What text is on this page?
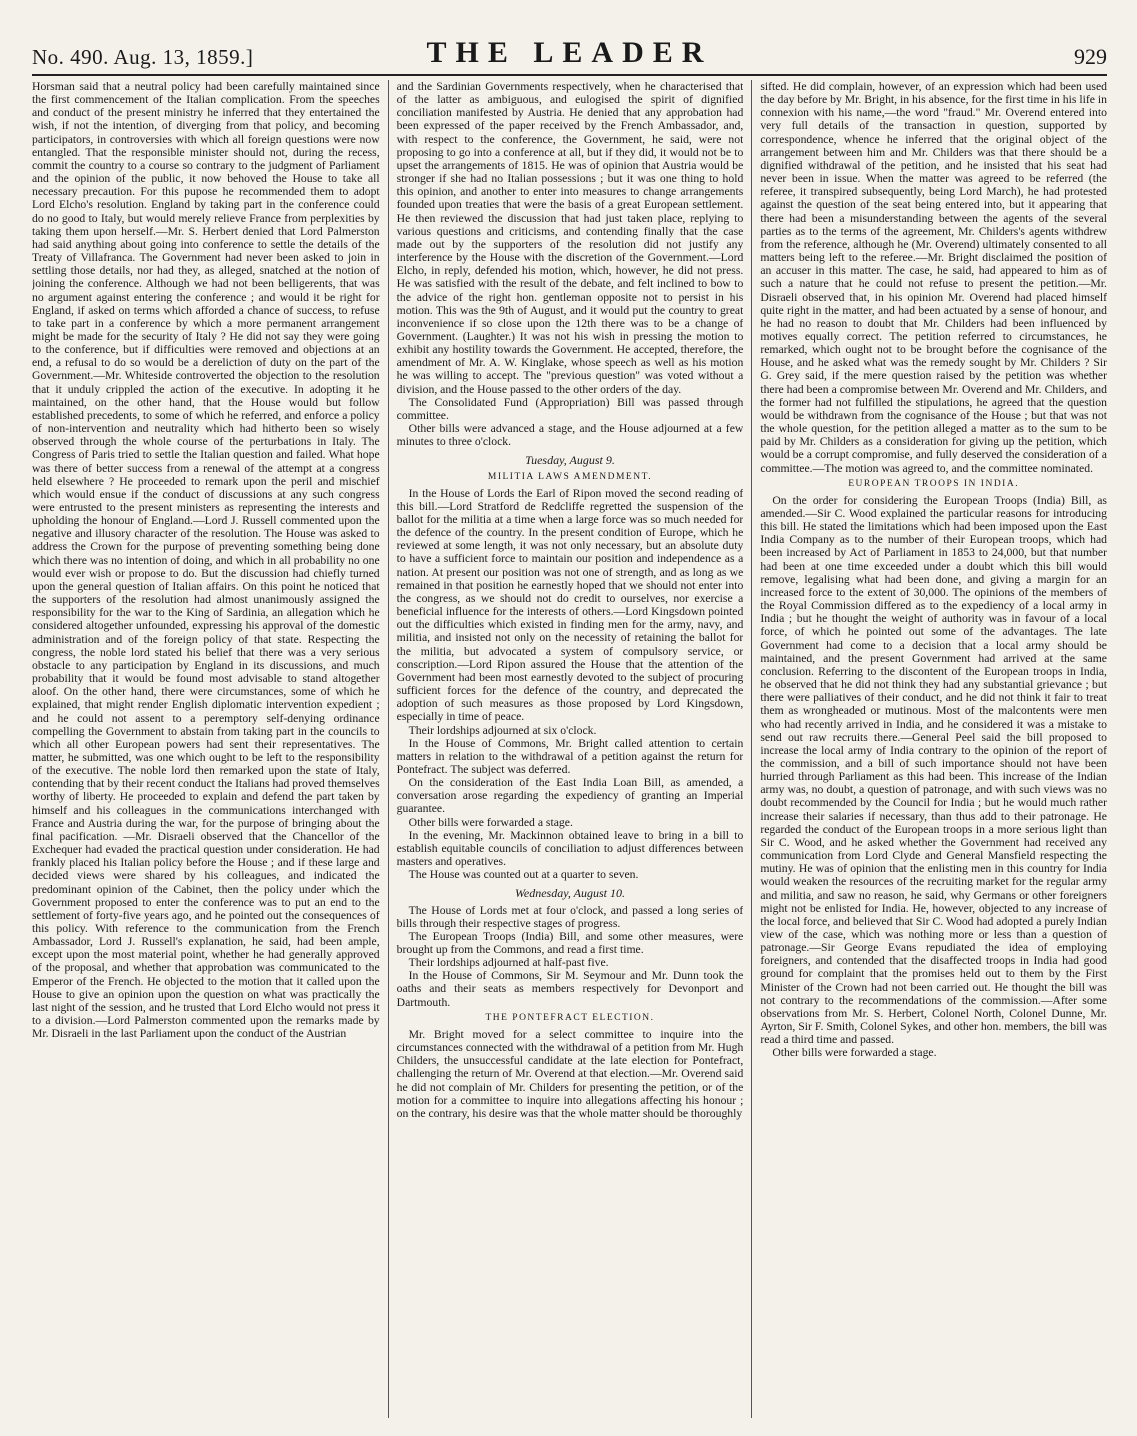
No. 490. Aug. 13, 1859.]	THE LEADER	929

Horsman said that a neutral policy had been carefully maintained since the first commencement of the Italian complication. From the speeches and conduct of the present ministry he inferred that they entertained the wish, if not the intention, of diverging from that policy, and becoming participators, in controversies with which all foreign questions were now entangled. That the responsible minister should not, during the recess, commit the country to a course so contrary to the judgment of Parliament and the opinion of the public, it now behoved the House to take all necessary precaution. For this pupose he recommended them to adopt Lord Elcho's resolution. England by taking part in the conference could do no good to Italy, but would merely relieve France from perplexities by taking them upon herself.—Mr. S. Herbert denied that Lord Palmerston had said anything about going into conference to settle the details of the Treaty of Villafranca. The Government had never been asked to join in settling those details, nor had they, as alleged, snatched at the notion of joining the conference. Although we had not been belligerents, that was no argument against entering the conference ; and would it be right for England, if asked on terms which afforded a chance of success, to refuse to take part in a conference by which a more permanent arrangement might be made for the security of Italy ? He did not say they were going to the conference, but if difficulties were removed and objections at an end, a refusal to do so would be a dereliction of duty on the part of the Government.—Mr. Whiteside controverted the objection to the resolution that it unduly crippled the action of the executive. In adopting it he maintained, on the other hand, that the House would but follow established precedents, to some of which he referred, and enforce a policy of non-intervention and neutrality which had hitherto been so wisely observed through the whole course of the perturbations in Italy. The Congress of Paris tried to settle the Italian question and failed. What hope was there of better success from a renewal of the attempt at a congress held elsewhere ? He proceeded to remark upon the peril and mischief which would ensue if the conduct of discussions at any such congress were entrusted to the present ministers as representing the interests and upholding the honour of England.—Lord J. Russell commented upon the negative and illusory character of the resolution. The House was asked to address the Crown for the purpose of preventing something being done which there was no intention of doing, and which in all probability no one would ever wish or propose to do. But the discussion had chiefly turned upon the general question of Italian affairs. On this point he noticed that the supporters of the resolution had almost unanimously assigned the responsibility for the war to the King of Sardinia, an allegation which he considered altogether unfounded, expressing his approval of the domestic administration and of the foreign policy of that state. Respecting the congress, the noble lord stated his belief that there was a very serious obstacle to any participation by England in its discussions, and much probability that it would be found most advisable to stand altogether aloof. On the other hand, there were circumstances, some of which he explained, that might render English diplomatic intervention expedient ; and he could not assent to a peremptory self-denying ordinance compelling the Government to abstain from taking part in the councils to which all other European powers had sent their representatives. The matter, he submitted, was one which ought to be left to the responsibility of the executive. The noble lord then remarked upon the state of Italy, contending that by their recent conduct the Italians had proved themselves worthy of liberty. He proceeded to explain and defend the part taken by himself and his colleagues in the communications interchanged with France and Austria during the war, for the purpose of bringing about the final pacification. —Mr. Disraeli observed that the Chancellor of the Exchequer had evaded the practical question under consideration. He had frankly placed his Italian policy before the House ; and if these large and decided views were shared by his colleagues, and indicated the predominant opinion of the Cabinet, then the policy under which the Government proposed to enter the conference was to put an end to the settlement of forty-five years ago, and he pointed out the consequences of this policy. With reference to the communication from the French Ambassador, Lord J. Russell's explanation, he said, had been ample, except upon the most material point, whether he had generally approved of the proposal, and whether that approbation was communicated to the Emperor of the French. He objected to the motion that it called upon the House to give an opinion upon the question on what was practically the last night of the session, and he trusted that Lord Elcho would not press it to a division.—Lord Palmerston commented upon the remarks made by Mr. Disraeli in the last Parliament upon the conduct of the Austrian

and the Sardinian Governments respectively, when he characterised that of the latter as ambiguous, and eulogised the spirit of dignified conciliation manifested by Austria. He denied that any approbation had been expressed of the paper received by the French Ambassador, and, with respect to the conference, the Government, he said, were not proposing to go into a conference at all, but if they did, it would not be to upset the arrangements of 1815. He was of opinion that Austria would be stronger if she had no Italian possessions ; but it was one thing to hold this opinion, and another to enter into measures to change arrangements founded upon treaties that were the basis of a great European settlement. He then reviewed the discussion that had just taken place, replying to various questions and criticisms, and contending finally that the case made out by the supporters of the resolution did not justify any interference by the House with the discretion of the Government.—Lord Elcho, in reply, defended his motion, which, however, he did not press. He was satisfied with the result of the debate, and felt inclined to bow to the advice of the right hon. gentleman opposite not to persist in his motion. This was the 9th of August, and it would put the country to great inconvenience if so close upon the 12th there was to be a change of Government. (Laughter.) It was not his wish in pressing the motion to exhibit any hostility towards the Government. He accepted, therefore, the amendment of Mr. A. W. Kinglake, whose speech as well as his motion he was willing to accept. The "previous question" was voted without a division, and the House passed to the other orders of the day.

The Consolidated Fund (Appropriation) Bill was passed through committee.

Other bills were advanced a stage, and the House adjourned at a few minutes to three o'clock.

Tuesday, August 9.
MILITIA LAWS AMENDMENT.

In the House of Lords the Earl of Ripon moved the second reading of this bill.—Lord Stratford de Redcliffe regretted the suspension of the ballot for the militia at a time when a large force was so much needed for the defence of the country. In the present condition of Europe, which he reviewed at some length, it was not only necessary, but an absolute duty to have a sufficient force to maintain our position and independence as a nation. At present our position was not one of strength, and as long as we remained in that position he earnestly hoped that we should not enter into the congress, as we should not do credit to ourselves, nor exercise a beneficial influence for the interests of others.—Lord Kingsdown pointed out the difficulties which existed in finding men for the army, navy, and militia, and insisted not only on the necessity of retaining the ballot for the militia, but advocated a system of compulsory service, or conscription.—Lord Ripon assured the House that the attention of the Government had been most earnestly devoted to the subject of procuring sufficient forces for the defence of the country, and deprecated the adoption of such measures as those proposed by Lord Kingsdown, especially in time of peace.

Their lordships adjourned at six o'clock.

In the House of Commons, Mr. Bright called attention to certain matters in relation to the withdrawal of a petition against the return for Pontefract. The subject was deferred.

On the consideration of the East India Loan Bill, as amended, a conversation arose regarding the expediency of granting an Imperial guarantee.

Other bills were forwarded a stage.

In the evening, Mr. Mackinnon obtained leave to bring in a bill to establish equitable councils of conciliation to adjust differences between masters and operatives.

The House was counted out at a quarter to seven.

Wednesday, August 10.

The House of Lords met at four o'clock, and passed a long series of bills through their respective stages of progress.

The European Troops (India) Bill, and some other measures, were brought up from the Commons, and read a first time.

Their lordships adjourned at half-past five.

In the House of Commons, Sir M. Seymour and Mr. Dunn took the oaths and their seats as members respectively for Devonport and Dartmouth.

THE PONTEFRACT ELECTION.

Mr. Bright moved for a select committee to inquire into the circumstances connected with the withdrawal of a petition from Mr. Hugh Childers, the unsuccessful candidate at the late election for Pontefract, challenging the return of Mr. Overend at that election.—Mr. Overend said he did not complain of Mr. Childers for presenting the petition, or of the motion for a committee to inquire into allegations affecting his honour ; on the contrary, his desire was that the whole matter should be thoroughly

sifted. He did complain, however, of an expression which had been used the day before by Mr. Bright, in his absence, for the first time in his life in connexion with his name,—the word "fraud." Mr. Overend entered into very full details of the transaction in question, supported by correspondence, whence he inferred that the original object of the arrangement between him and Mr. Childers was that there should be a dignified withdrawal of the petition, and he insisted that his seat had never been in issue. When the matter was agreed to be referred (the referee, it transpired subsequently, being Lord March), he had protested against the question of the seat being entered into, but it appearing that there had been a misunderstanding between the agents of the several parties as to the terms of the agreement, Mr. Childers's agents withdrew from the reference, although he (Mr. Overend) ultimately consented to all matters being left to the referee.—Mr. Bright disclaimed the position of an accuser in this matter. The case, he said, had appeared to him as of such a nature that he could not refuse to present the petition.—Mr. Disraeli observed that, in his opinion Mr. Overend had placed himself quite right in the matter, and had been actuated by a sense of honour, and he had no reason to doubt that Mr. Childers had been influenced by motives equally correct. The petition referred to circumstances, he remarked, which ought not to be brought before the cognisance of the House, and he asked what was the remedy sought by Mr. Childers ? Sir G. Grey said, if the mere question raised by the petition was whether there had been a compromise between Mr. Overend and Mr. Childers, and the former had not fulfilled the stipulations, he agreed that the question would be withdrawn from the cognisance of the House ; but that was not the whole question, for the petition alleged a matter as to the sum to be paid by Mr. Childers as a consideration for giving up the petition, which would be a corrupt compromise, and fully deserved the consideration of a committee.—The motion was agreed to, and the committee nominated.

EUROPEAN TROOPS IN INDIA.

On the order for considering the European Troops (India) Bill, as amended.—Sir C. Wood explained the particular reasons for introducing this bill. He stated the limitations which had been imposed upon the East India Company as to the number of their European troops, which had been increased by Act of Parliament in 1853 to 24,000, but that number had been at one time exceeded under a doubt which this bill would remove, legalising what had been done, and giving a margin for an increased force to the extent of 30,000. The opinions of the members of the Royal Commission differed as to the expediency of a local army in India ; but he thought the weight of authority was in favour of a local force, of which he pointed out some of the advantages. The late Government had come to a decision that a local army should be maintained, and the present Government had arrived at the same conclusion. Referring to the discontent of the European troops in India, he observed that he did not think they had any substantial grievance ; but there were palliatives of their conduct, and he did not think it fair to treat them as wrongheaded or mutinous. Most of the malcontents were men who had recently arrived in India, and he considered it was a mistake to send out raw recruits there.—General Peel said the bill proposed to increase the local army of India contrary to the opinion of the report of the commission, and a bill of such importance should not have been hurried through Parliament as this had been. This increase of the Indian army was, no doubt, a question of patronage, and with such views was no doubt recommended by the Council for India ; but he would much rather increase their salaries if necessary, than thus add to their patronage. He regarded the conduct of the European troops in a more serious light than Sir C. Wood, and he asked whether the Government had received any communication from Lord Clyde and General Mansfield respecting the mutiny. He was of opinion that the enlisting men in this country for India would weaken the resources of the recruiting market for the regular army and militia, and saw no reason, he said, why Germans or other foreigners might not be enlisted for India. He, however, objected to any increase of the local force, and believed that Sir C. Wood had adopted a purely Indian view of the case, which was nothing more or less than a question of patronage.—Sir George Evans repudiated the idea of employing foreigners, and contended that the disaffected troops in India had good ground for complaint that the promises held out to them by the First Minister of the Crown had not been carried out. He thought the bill was not contrary to the recommendations of the commission.—After some observations from Mr. S. Herbert, Colonel North, Colonel Dunne, Mr. Ayrton, Sir F. Smith, Colonel Sykes, and other hon. members, the bill was read a third time and passed.

Other bills were forwarded a stage.
